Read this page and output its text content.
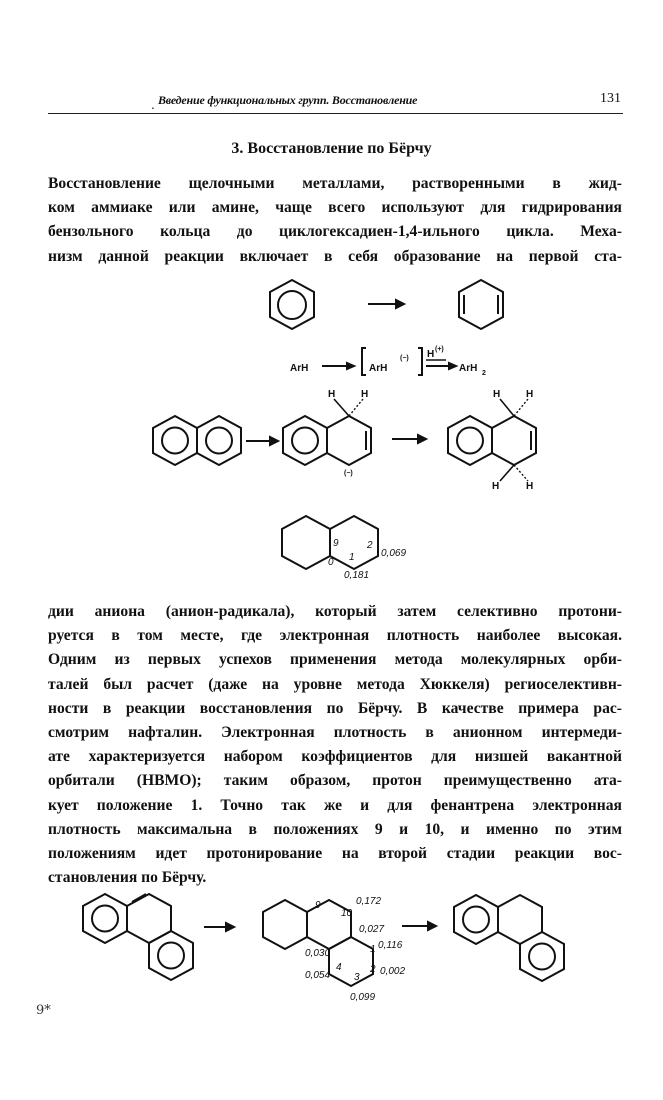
. Введение функциональных групп. Восстановление	131
3. Восстановление по Бёрчу
Восстановление щелочными металлами, растворенными в жид-
ком аммиаке или амине, чаще всего используют для гидрирования
бензольного кольца до циклогексадиен-1,4-ильного цикла. Меха-
низм данной реакции включает в себя образование на первой ста-
ArH	ArH
(−) H (+)
ArH 2
H	H
(−)
H	H
H	H
9
1
2
0
0,069
0,181
дии аниона (анион-радикала), который затем селективно протони-
руется в том месте, где электронная плотность наиболее высокая.
Одним из первых успехов применения метода молекулярных орби-
талей был расчет (даже на уровне метода Хюккеля) региоселективн-
ности в реакции восстановления по Бёрчу. В качестве примера рас-
смотрим нафталин. Электронная плотность в анионном интермеди-
ате характеризуется набором коэффициентов для низшей вакантной
орбитали (НВМО); таким образом, протон преимущественно ата-
кует положение 1. Точно так же и для фенантрена электронная
плотность максимальна в положениях 9 и 10, и именно по этим
положениям идет протонирование на второй стадии реакции вос-
становления по Бёрчу.
9
10
1
2
3
4
0,172
0,027
0,116
0,002
0,099
0,054
0,030
9*
